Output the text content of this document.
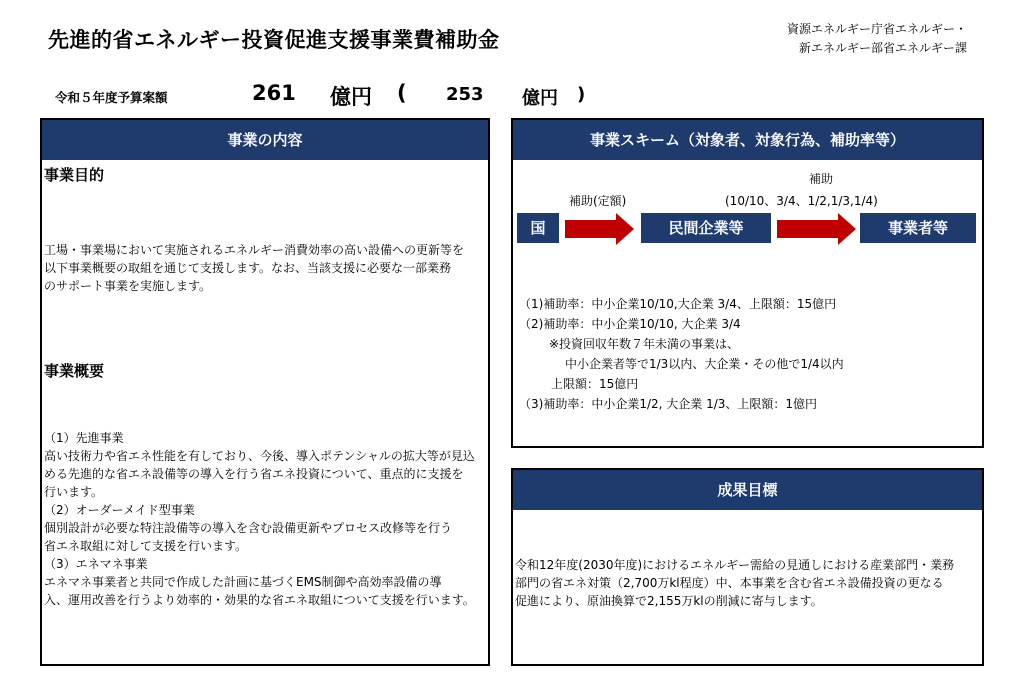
先進的省エネルギー投資促進支援事業費補助金	資源エネルギー庁省エネルギー・
新エネルギー部省エネルギー課
令和５年度予算案額	261 億円 ( 253 億円 )
事業の内容
事業目的
工場・事業場において実施されるエネルギー消費効率の高い設備への更新等を
以下事業概要の取組を通じて支援します。なお、当該支援に必要な一部業務
のサポート事業を実施します。
事業概要
（1）先進事業
高い技術力や省エネ性能を有しており、今後、導入ポテンシャルの拡大等が見込
める先進的な省エネ設備等の導入を行う省エネ投資について、重点的に支援を
行います。
（2）オーダーメイド型事業
個別設計が必要な特注設備等の導入を含む設備更新やプロセス改修等を行う
省エネ取組に対して支援を行います。
（3）エネマネ事業
エネマネ事業者と共同で作成した計画に基づくEMS制御や高効率設備の導
入、運用改善を行うより効率的・効果的な省エネ取組について支援を行います。
事業スキーム（対象者、対象行為、補助率等）
補助
補助(定額)	(10/10、3/4、1/2,1/3,1/4)
国	民間企業等	事業者等
（1)補助率：中小企業10/10,大企業 3/4、上限額：15億円
（2)補助率：中小企業10/10, 大企業 3/4
※投資回収年数７年未満の事業は、
中小企業者等で1/3以内、大企業・その他で1/4以内
上限額：15億円
（3)補助率：中小企業1/2, 大企業 1/3、上限額：1億円
成果目標
令和12年度(2030年度)におけるエネルギー需給の見通しにおける産業部門・業務
部門の省エネ対策（2,700万kl程度）中、本事業を含む省エネ設備投資の更なる
促進により、原油換算で2,155万klの削減に寄与します。
